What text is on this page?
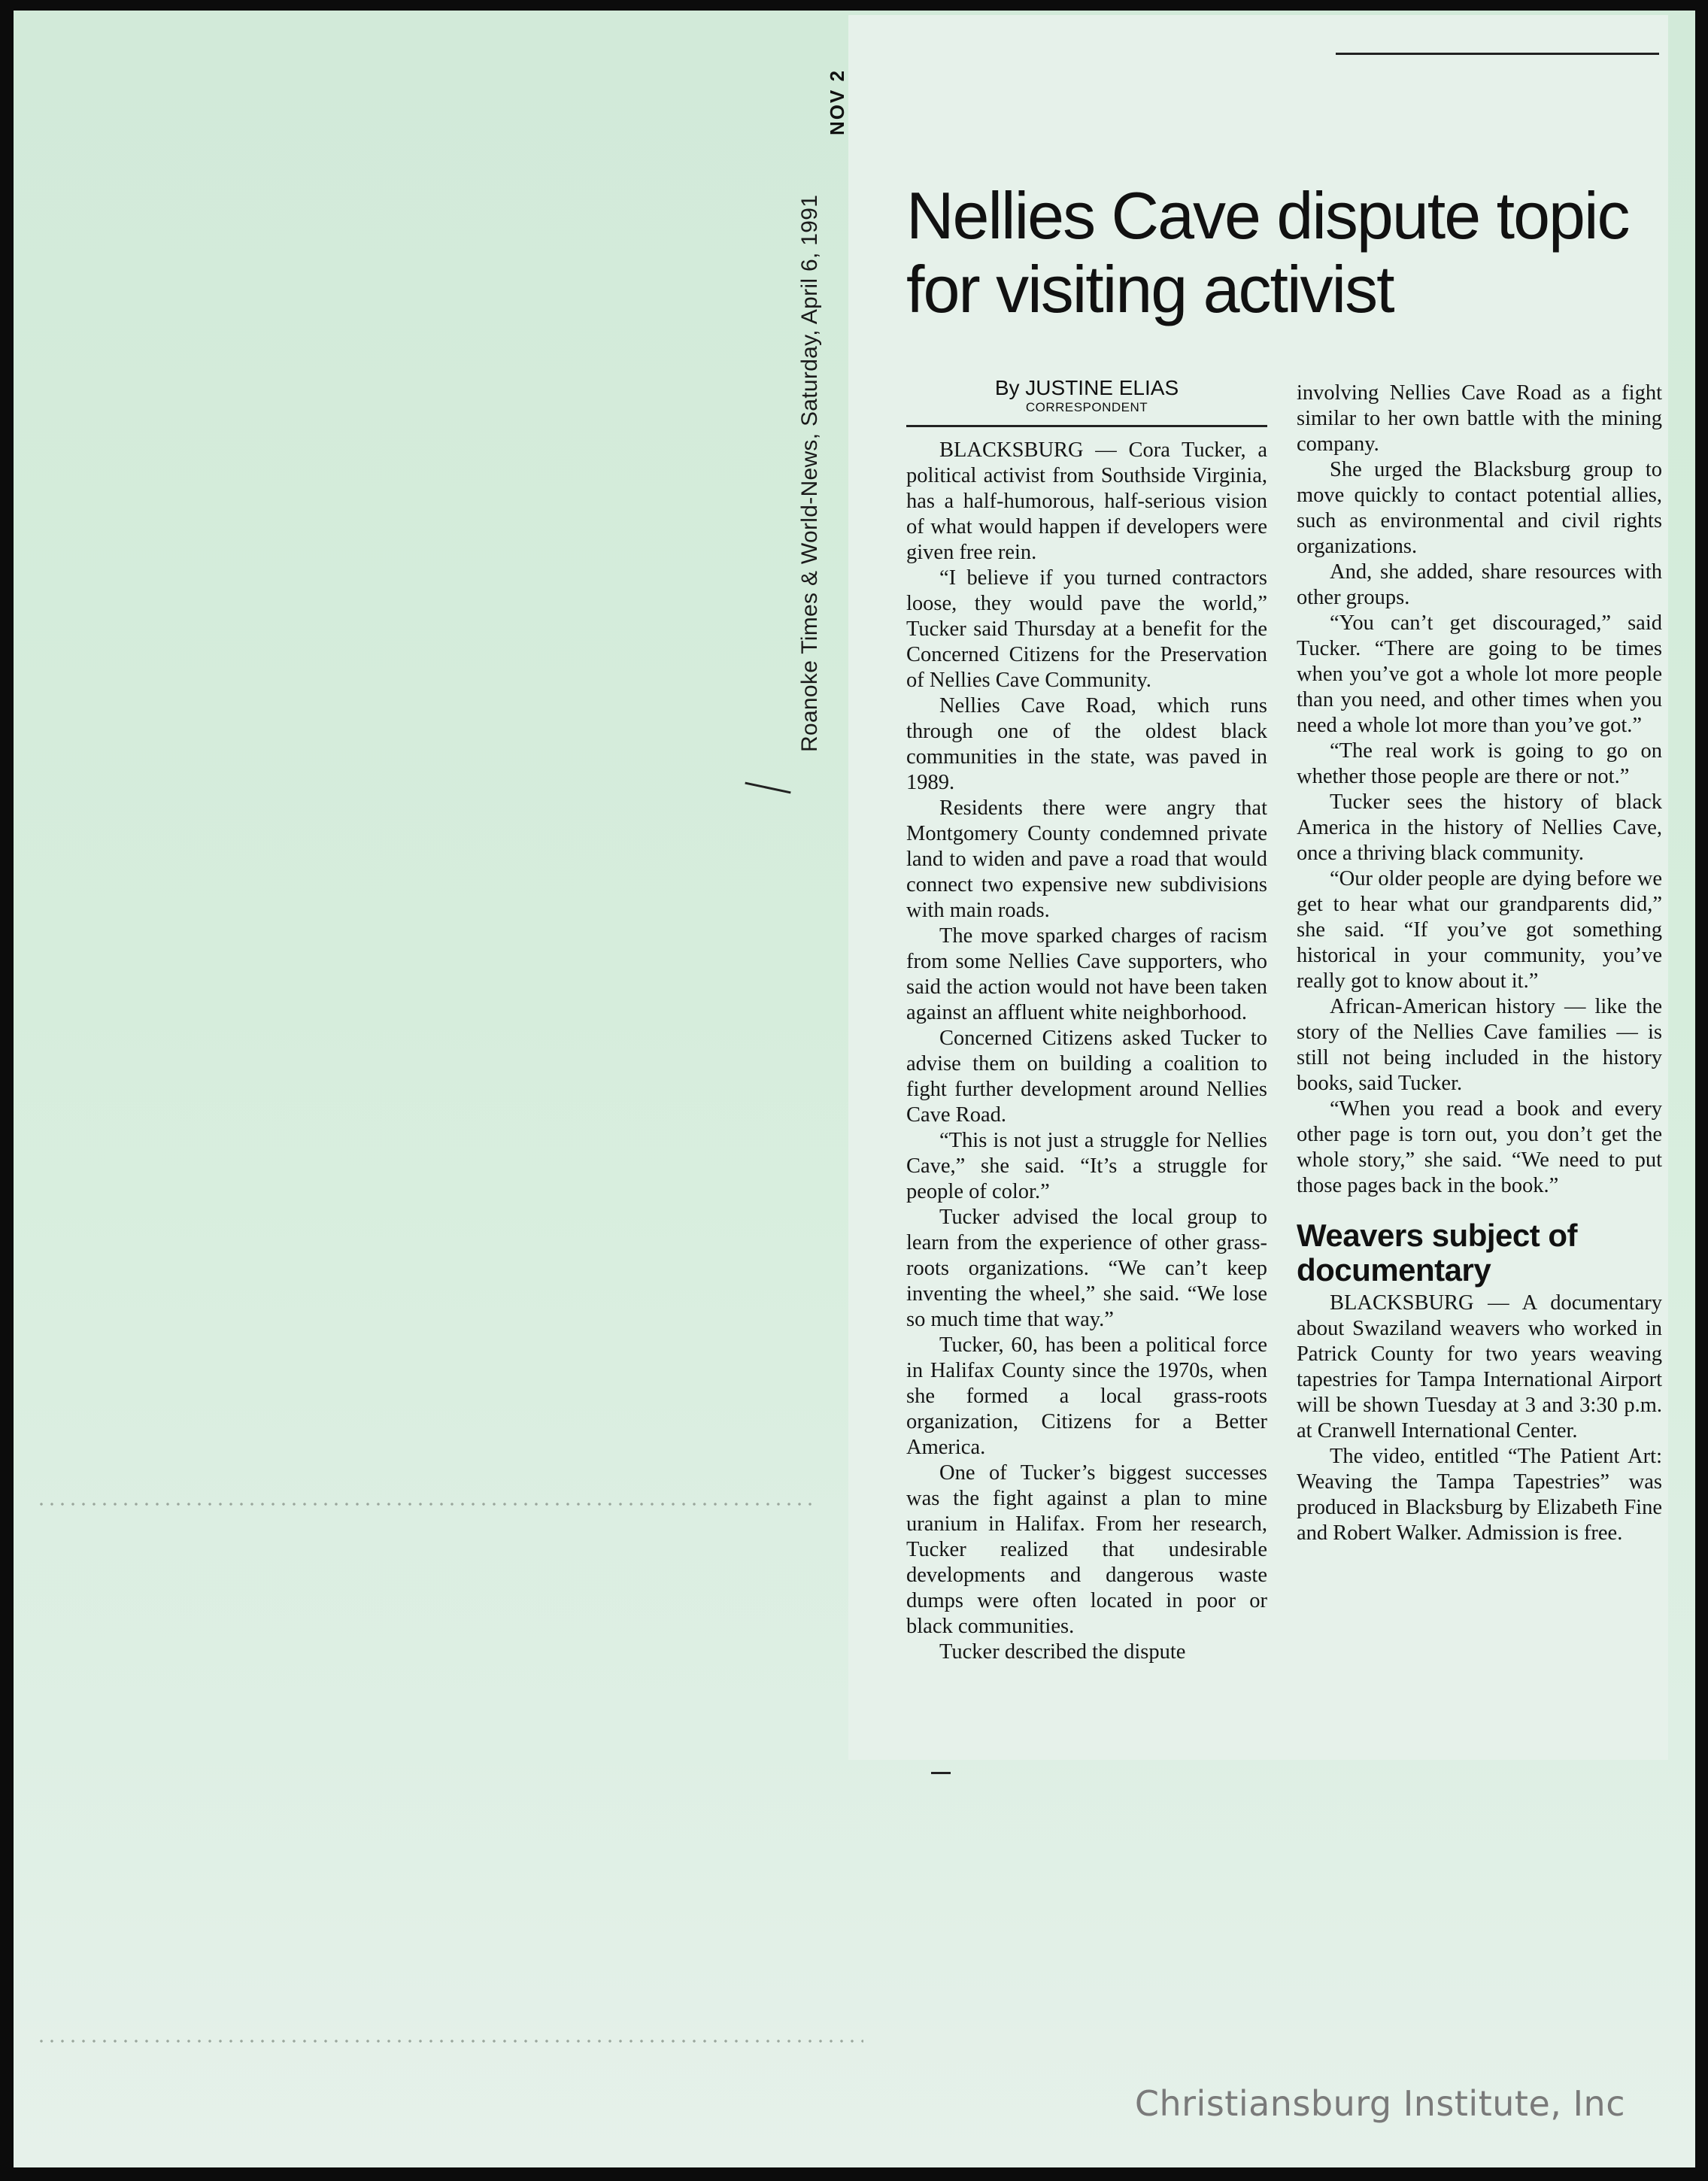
NOV 2
Roanoke Times & World-News, Saturday, April 6, 1991 Nellies Cave dispute topic for visiting activist
By JUSTINE ELIAS
CORRESPONDENT

BLACKSBURG — Cora Tucker, a political activist from Southside Virginia, has a half-humorous, half-serious vision of what would happen if developers were given free rein.

“I believe if you turned contractors loose, they would pave the world,” Tucker said Thursday at a benefit for the Concerned Citizens for the Preservation of Nellies Cave Community.

Nellies Cave Road, which runs through one of the oldest black communities in the state, was paved in 1989.

Residents there were angry that Montgomery County condemned private land to widen and pave a road that would connect two expensive new subdivisions with main roads.

The move sparked charges of racism from some Nellies Cave supporters, who said the action would not have been taken against an affluent white neighborhood.

Concerned Citizens asked Tucker to advise them on building a coalition to fight further development around Nellies Cave Road.

“This is not just a struggle for Nellies Cave,” she said. “It’s a struggle for people of color.”

Tucker advised the local group to learn from the experience of other grass-roots organizations. “We can’t keep inventing the wheel,” she said. “We lose so much time that way.”

Tucker, 60, has been a political force in Halifax County since the 1970s, when she formed a local grass-roots organization, Citizens for a Better America.

One of Tucker’s biggest successes was the fight against a plan to mine uranium in Halifax. From her research, Tucker realized that undesirable developments and dangerous waste dumps were often located in poor or black communities.

Tucker described the dispute

involving Nellies Cave Road as a fight similar to her own battle with the mining company.

She urged the Blacksburg group to move quickly to contact potential allies, such as environmental and civil rights organizations.

And, she added, share resources with other groups.

“You can’t get discouraged,” said Tucker. “There are going to be times when you’ve got a whole lot more people than you need, and other times when you need a whole lot more than you’ve got.”

“The real work is going to go on whether those people are there or not.”

Tucker sees the history of black America in the history of Nellies Cave, once a thriving black community.

“Our older people are dying before we get to hear what our grandparents did,” she said. “If you’ve got something historical in your community, you’ve really got to know about it.”

African-American history — like the story of the Nellies Cave families — is still not being included in the history books, said Tucker.

“When you read a book and every other page is torn out, you don’t get the whole story,” she said. “We need to put those pages back in the book.”

Weavers subject of documentary

BLACKSBURG — A documentary about Swaziland weavers who worked in Patrick County for two years weaving tapestries for Tampa International Airport will be shown Tuesday at 3 and 3:30 p.m. at Cranwell International Center.

The video, entitled “The Patient Art: Weaving the Tampa Tapestries” was produced in Blacksburg by Elizabeth Fine and Robert Walker. Admission is free.

Christiansburg Institute, Inc
